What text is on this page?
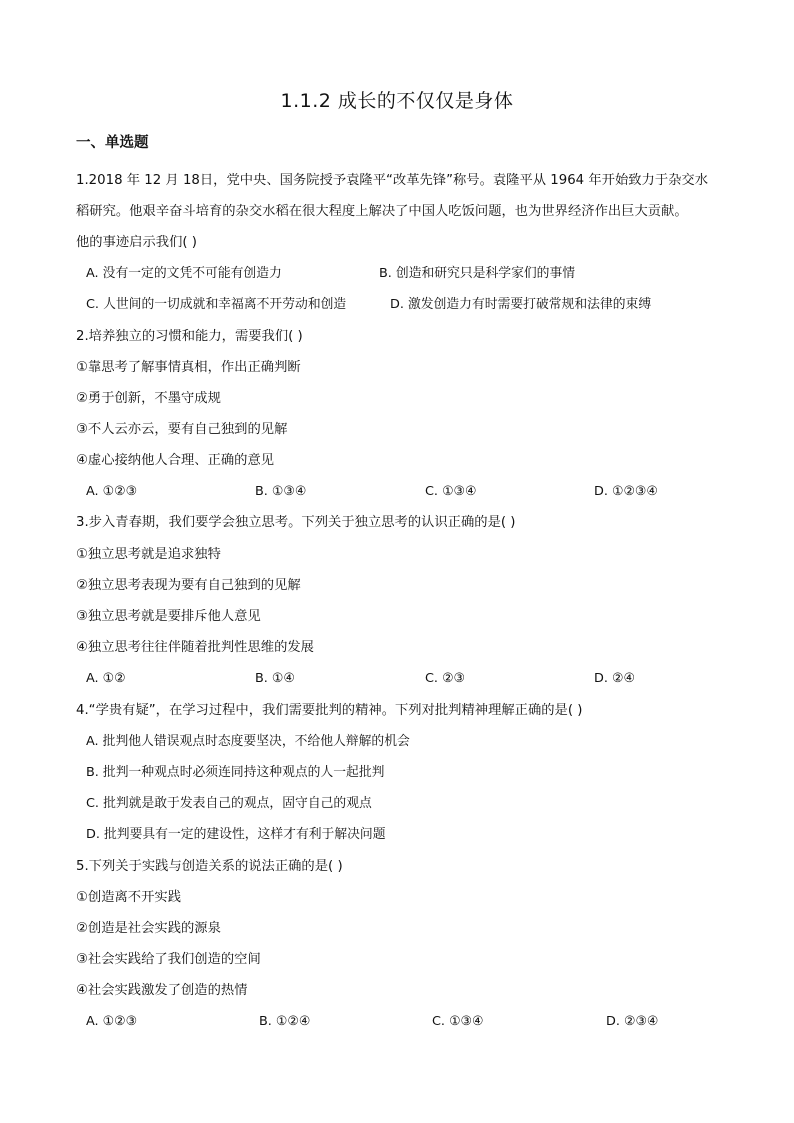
1.1.2 成长的不仅仅是身体
一、单选题
1.2018 年 12 月 18日，党中央、国务院授予袁隆平“改革先锋”称号。袁隆平从 1964 年开始致力于杂交水
稻研究。他艰辛奋斗培育的杂交水稻在很大程度上解决了中国人吃饭问题，也为世界经济作出巨大贡献。
他的事迹启示我们( )
A. 没有一定的文凭不可能有创造力	B. 创造和研究只是科学家们的事情
C. 人世间的一切成就和幸福离不开劳动和创造	D. 激发创造力有时需要打破常规和法律的束缚
2.培养独立的习惯和能力，需要我们( )
①靠思考了解事情真相，作出正确判断
②勇于创新，不墨守成规
③不人云亦云，要有自己独到的见解
④虚心接纳他人合理、正确的意见
A. ①②③	B. ①③④	C. ①③④	D. ①②③④
3.步入青春期，我们要学会独立思考。下列关于独立思考的认识正确的是( )
①独立思考就是追求独特
②独立思考表现为要有自己独到的见解
③独立思考就是要排斥他人意见
④独立思考往往伴随着批判性思维的发展
A. ①②	B. ①④	C. ②③	D. ②④
4.“学贵有疑”，在学习过程中，我们需要批判的精神。下列对批判精神理解正确的是( )
A. 批判他人错误观点时态度要坚决，不给他人辩解的机会
B. 批判一种观点时必须连同持这种观点的人一起批判
C. 批判就是敢于发表自己的观点，固守自己的观点
D. 批判要具有一定的建设性，这样才有利于解决问题
5.下列关于实践与创造关系的说法正确的是( )
①创造离不开实践
②创造是社会实践的源泉
③社会实践给了我们创造的空间
④社会实践激发了创造的热情
A. ①②③	B. ①②④	C. ①③④	D. ②③④
